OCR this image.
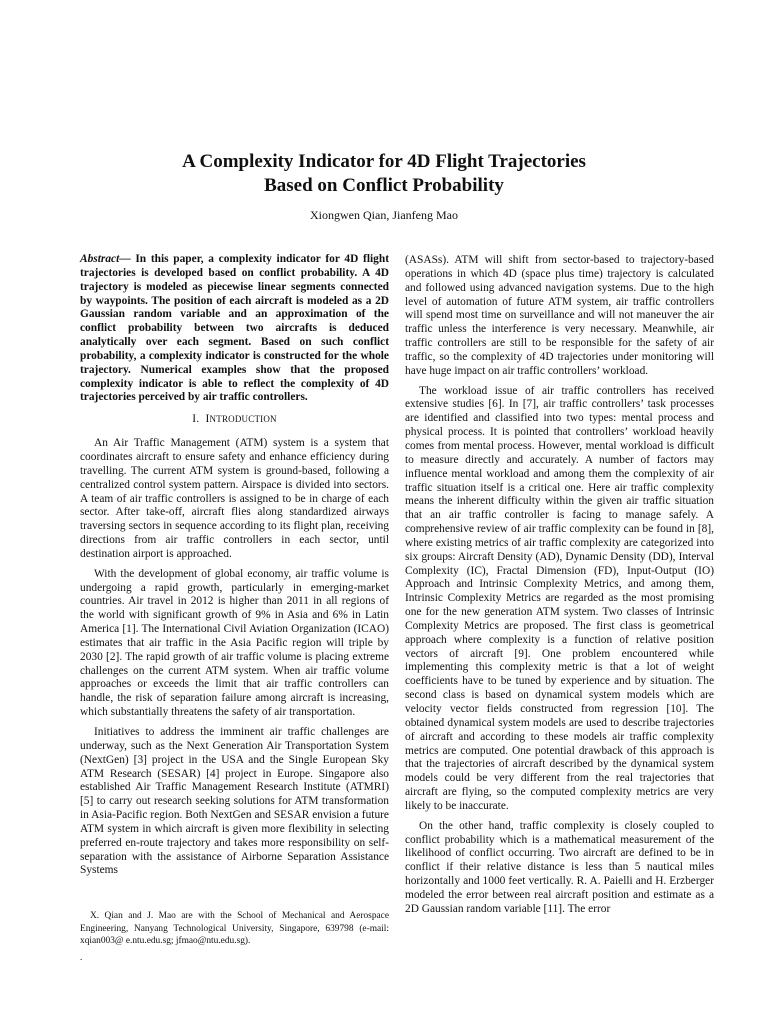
A Complexity Indicator for 4D Flight Trajectories
Based on Conflict Probability
Xiongwen Qian, Jianfeng Mao

Abstract— In this paper, a complexity indicator for 4D flight trajectories is developed based on conflict probability. A 4D trajectory is modeled as piecewise linear segments connected by waypoints. The position of each aircraft is modeled as a 2D Gaussian random variable and an approximation of the conflict probability between two aircrafts is deduced analytically over each segment. Based on such conflict probability, a complexity indicator is constructed for the whole trajectory. Numerical examples show that the proposed complexity indicator is able to reflect the complexity of 4D trajectories perceived by air traffic controllers.

I. INTRODUCTION

An Air Traffic Management (ATM) system is a system that coordinates aircraft to ensure safety and enhance efficiency during travelling. The current ATM system is ground-based, following a centralized control system pattern. Airspace is divided into sectors. A team of air traffic controllers is assigned to be in charge of each sector. After take-off, aircraft flies along standardized airways traversing sectors in sequence according to its flight plan, receiving directions from air traffic controllers in each sector, until destination airport is approached.

With the development of global economy, air traffic volume is undergoing a rapid growth, particularly in emerging-market countries. Air travel in 2012 is higher than 2011 in all regions of the world with significant growth of 9% in Asia and 6% in Latin America [1]. The International Civil Aviation Organization (ICAO) estimates that air traffic in the Asia Pacific region will triple by 2030 [2]. The rapid growth of air traffic volume is placing extreme challenges on the current ATM system. When air traffic volume approaches or exceeds the limit that air traffic controllers can handle, the risk of separation failure among aircraft is increasing, which substantially threatens the safety of air transportation.

Initiatives to address the imminent air traffic challenges are underway, such as the Next Generation Air Transportation System (NextGen) [3] project in the USA and the Single European Sky ATM Research (SESAR) [4] project in Europe. Singapore also established Air Traffic Management Research Institute (ATMRI) [5] to carry out research seeking solutions for ATM transformation in Asia-Pacific region. Both NextGen and SESAR envision a future ATM system in which aircraft is given more flexibility in selecting preferred en-route trajectory and takes more responsibility on self-separation with the assistance of Airborne Separation Assistance Systems

(ASASs). ATM will shift from sector-based to trajectory-based operations in which 4D (space plus time) trajectory is calculated and followed using advanced navigation systems. Due to the high level of automation of future ATM system, air traffic controllers will spend most time on surveillance and will not maneuver the air traffic unless the interference is very necessary. Meanwhile, air traffic controllers are still to be responsible for the safety of air traffic, so the complexity of 4D trajectories under monitoring will have huge impact on air traffic controllers’ workload.

The workload issue of air traffic controllers has received extensive studies [6]. In [7], air traffic controllers’ task processes are identified and classified into two types: mental process and physical process. It is pointed that controllers’ workload heavily comes from mental process. However, mental workload is difficult to measure directly and accurately. A number of factors may influence mental workload and among them the complexity of air traffic situation itself is a critical one. Here air traffic complexity means the inherent difficulty within the given air traffic situation that an air traffic controller is facing to manage safely. A comprehensive review of air traffic complexity can be found in [8], where existing metrics of air traffic complexity are categorized into six groups: Aircraft Density (AD), Dynamic Density (DD), Interval Complexity (IC), Fractal Dimension (FD), Input-Output (IO) Approach and Intrinsic Complexity Metrics, and among them, Intrinsic Complexity Metrics are regarded as the most promising one for the new generation ATM system. Two classes of Intrinsic Complexity Metrics are proposed. The first class is geometrical approach where complexity is a function of relative position vectors of aircraft [9]. One problem encountered while implementing this complexity metric is that a lot of weight coefficients have to be tuned by experience and by situation. The second class is based on dynamical system models which are velocity vector fields constructed from regression [10]. The obtained dynamical system models are used to describe trajectories of aircraft and according to these models air traffic complexity metrics are computed. One potential drawback of this approach is that the trajectories of aircraft described by the dynamical system models could be very different from the real trajectories that aircraft are flying, so the computed complexity metrics are very likely to be inaccurate.

On the other hand, traffic complexity is closely coupled to conflict probability which is a mathematical measurement of the likelihood of conflict occurring. Two aircraft are defined to be in conflict if their relative distance is less than 5 nautical miles horizontally and 1000 feet vertically. R. A. Paielli and H. Erzberger modeled the error between real aircraft position and estimate as a 2D Gaussian random variable [11]. The error

X. Qian and J. Mao are with the School of Mechanical and Aerospace Engineering, Nanyang Technological University, Singapore, 639798 (e-mail: xqian003@ e.ntu.edu.sg; jfmao@ntu.edu.sg).

.
